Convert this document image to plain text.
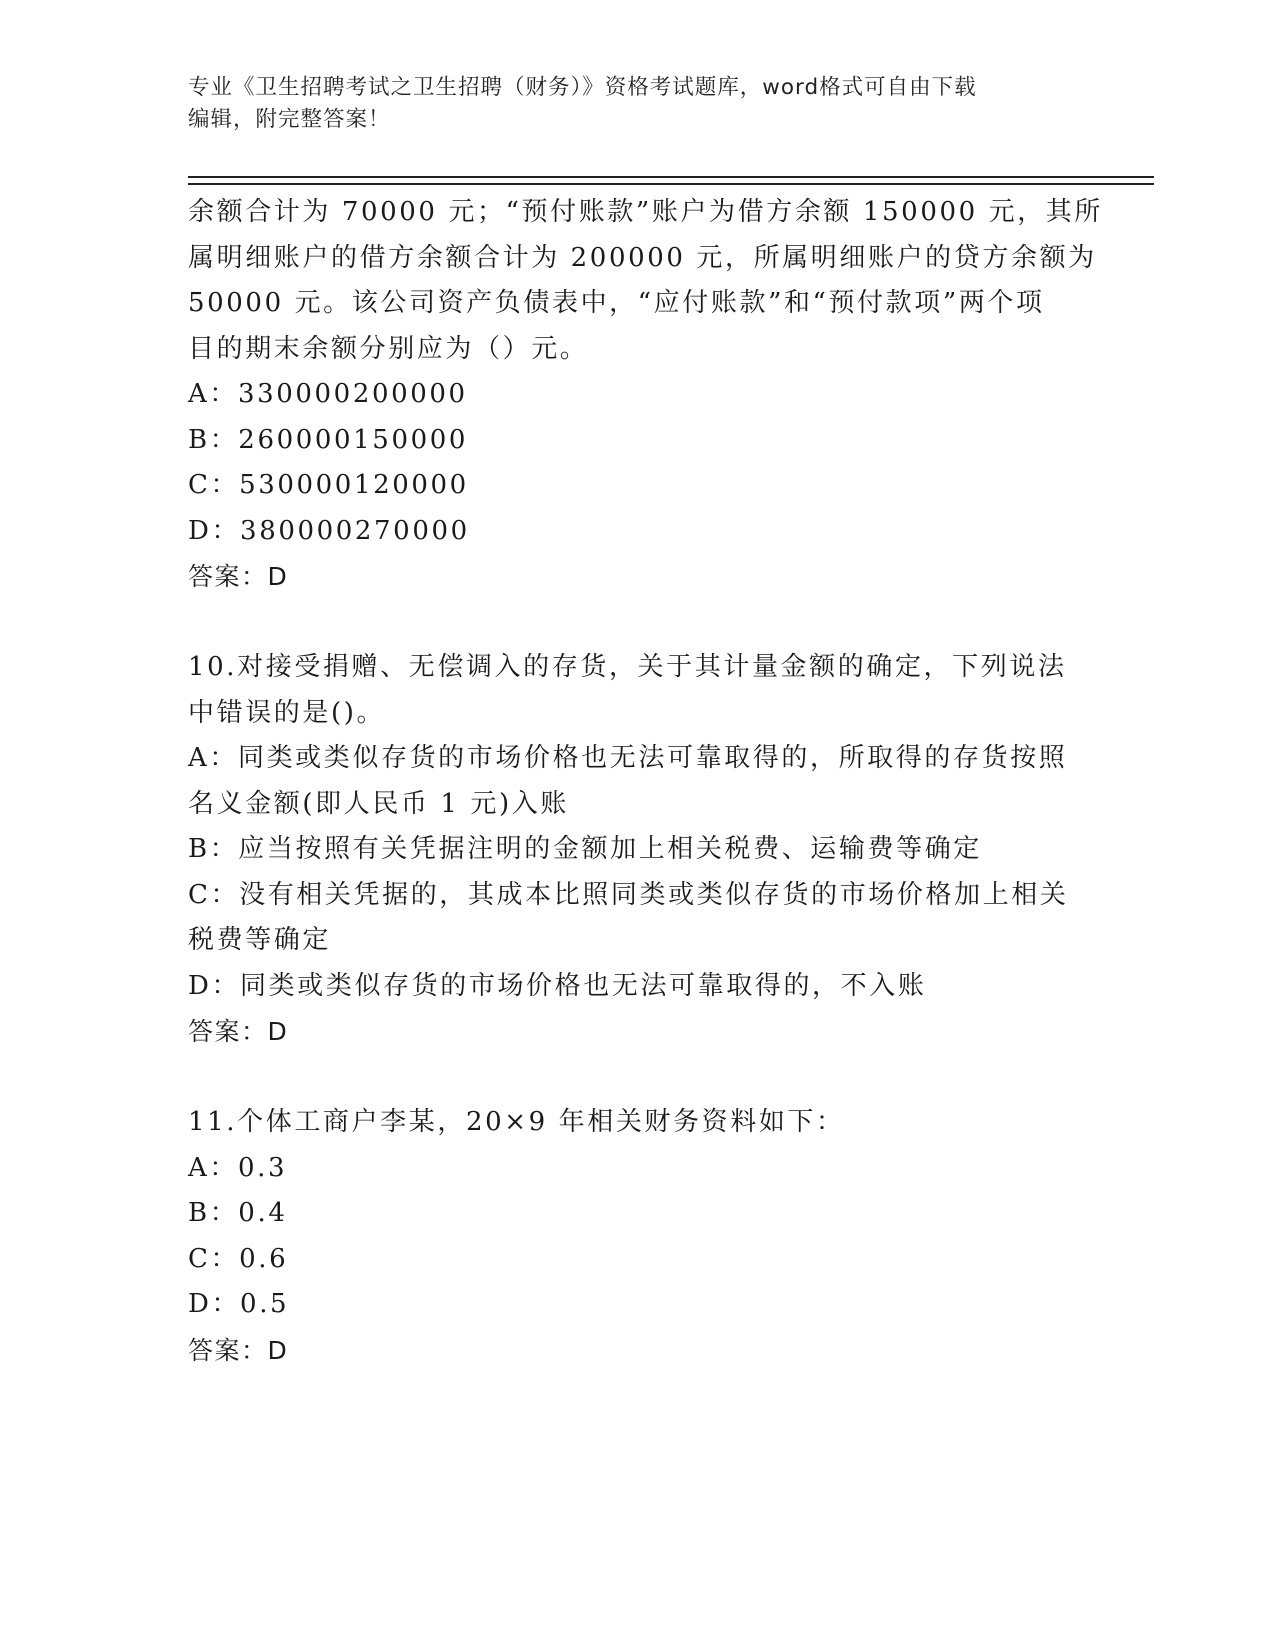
专业《卫生招聘考试之卫生招聘（财务）》资格考试题库，word格式可自由下载
编辑，附完整答案！
余额合计为 70000 元；“预付账款”账户为借方余额 150000 元，其所
属明细账户的借方余额合计为 200000 元，所属明细账户的贷方余额为
50000 元。该公司资产负债表中，“应付账款”和“预付款项”两个项
目的期末余额分别应为（）元。
A：330000200000
B：260000150000
C：530000120000
D：380000270000
答案：D
10.对接受捐赠、无偿调入的存货，关于其计量金额的确定，下列说法
中错误的是()。
A：同类或类似存货的市场价格也无法可靠取得的，所取得的存货按照
名义金额(即人民币 1 元)入账
B：应当按照有关凭据注明的金额加上相关税费、运输费等确定
C：没有相关凭据的，其成本比照同类或类似存货的市场价格加上相关
税费等确定
D：同类或类似存货的市场价格也无法可靠取得的，不入账
答案：D
11.个体工商户李某，20×9 年相关财务资料如下：
A：0.3
B：0.4
C：0.6
D：0.5
答案：D
